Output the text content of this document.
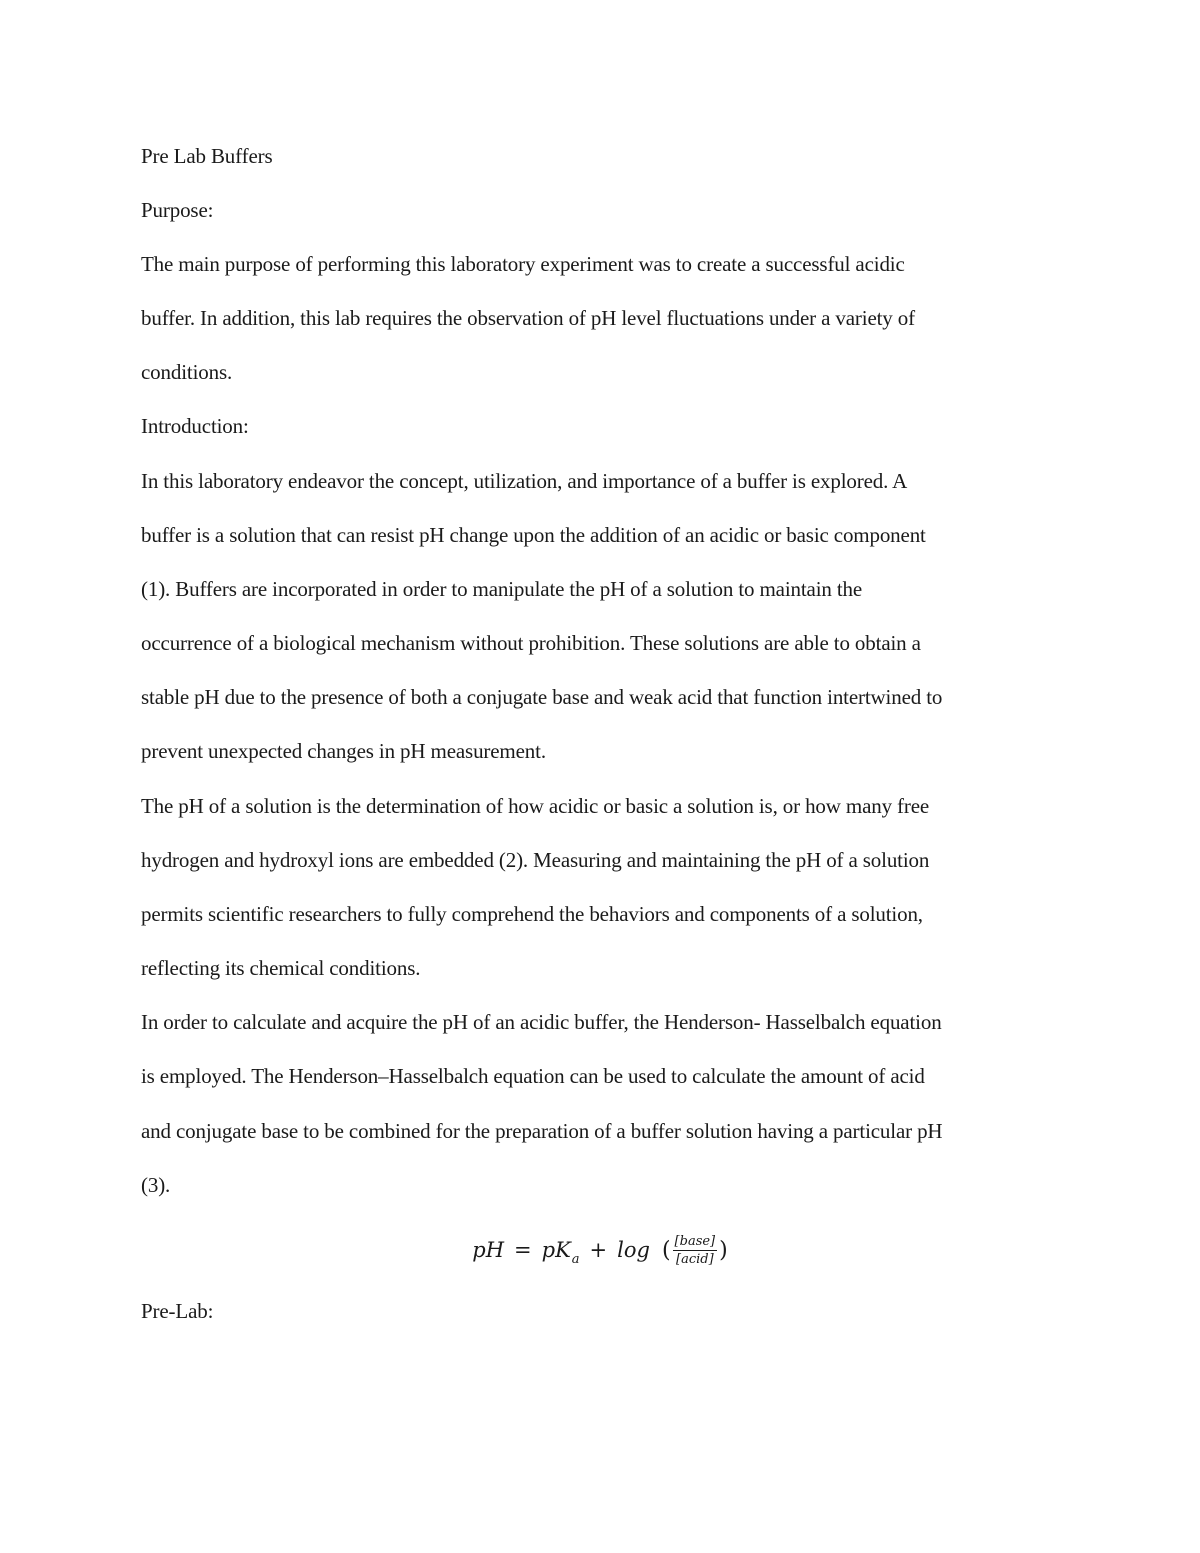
Pre Lab Buffers
Purpose:
The main purpose of performing this laboratory experiment was to create a successful acidic
buffer. In addition, this lab requires the observation of pH level fluctuations under a variety of
conditions.
Introduction:
In this laboratory endeavor the concept, utilization, and importance of a buffer is explored. A
buffer is a solution that can resist pH change upon the addition of an acidic or basic component
(1). Buffers are incorporated in order to manipulate the pH of a solution to maintain the
occurrence of a biological mechanism without prohibition. These solutions are able to obtain a
stable pH due to the presence of both a conjugate base and weak acid that function intertwined to
prevent unexpected changes in pH measurement.
The pH of a solution is the determination of how acidic or basic a solution is, or how many free
hydrogen and hydroxyl ions are embedded (2). Measuring and maintaining the pH of a solution
permits scientific researchers to fully comprehend the behaviors and components of a solution,
reflecting its chemical conditions.
In order to calculate and acquire the pH of an acidic buffer, the Henderson- Hasselbalch equation
is employed. The Henderson–Hasselbalch equation can be used to calculate the amount of acid
and conjugate base to be combined for the preparation of a buffer solution having a particular pH
(3).
pH = pK a + log ( $\frac{\text{[base]}}{\text{[acid]}}$ )
Pre-Lab:
